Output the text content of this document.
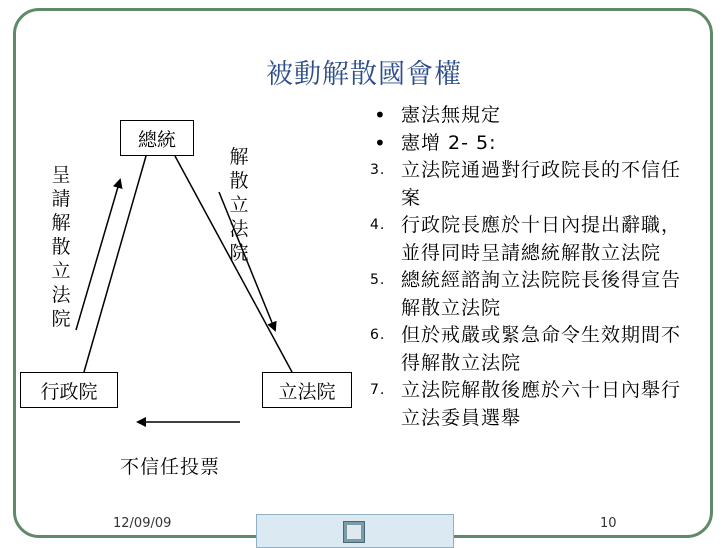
被動解散國會權
總統
行政院	立法院
呈請解散立法院
解散立法院
不信任投票
• 憲法無規定
• 憲增 2- 5:
3. 立法院通過對行政院長的不信任案
4. 行政院長應於十日內提出辭職，並得同時呈請總統解散立法院
5. 總統經諮詢立法院院長後得宣告解散立法院
6. 但於戒嚴或緊急命令生效期間不得解散立法院
7. 立法院解散後應於六十日內舉行立法委員選舉
12/09/09	10
